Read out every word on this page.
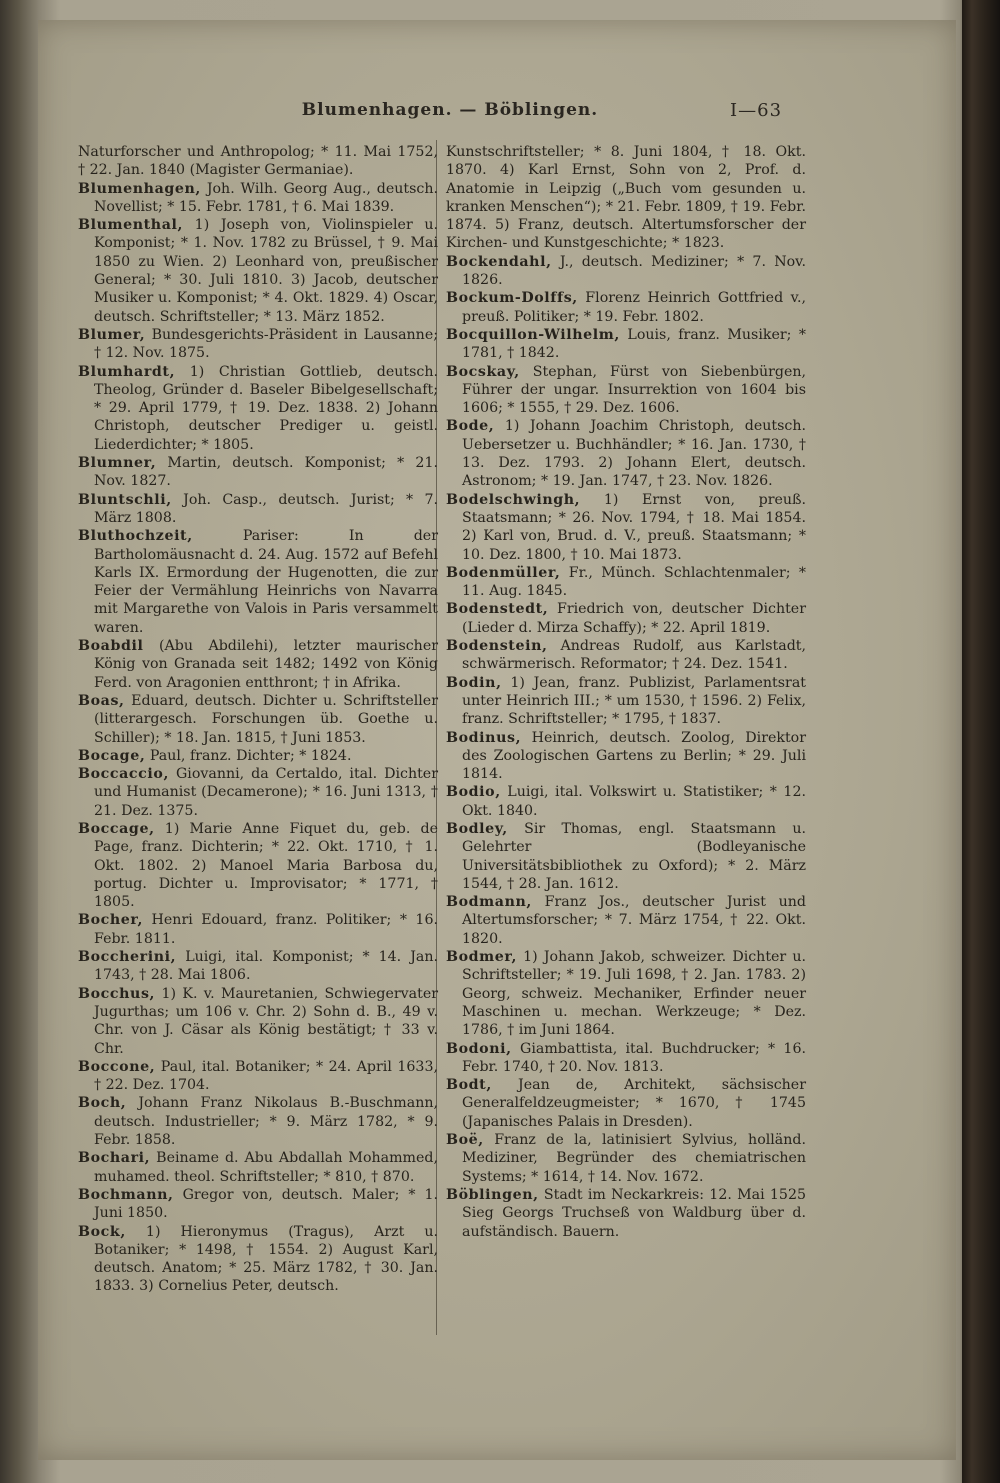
Blumenhagen. — Böblingen.	I—63

Naturforscher und Anthropolog; * 11. Mai 1752, † 22. Jan. 1840 (Magister Germaniae).

Blumenhagen, Joh. Wilh. Georg Aug., deutsch. Novellist; * 15. Febr. 1781, † 6. Mai 1839.

Blumenthal, 1) Joseph von, Violinspieler u. Komponist; * 1. Nov. 1782 zu Brüssel, † 9. Mai 1850 zu Wien. 2) Leonhard von, preußischer General; * 30. Juli 1810. 3) Jacob, deutscher Musiker u. Komponist; * 4. Okt. 1829. 4) Oscar, deutsch. Schriftsteller; * 13. März 1852.

Blumer, Bundesgerichts-Präsident in Lausanne; † 12. Nov. 1875.

Blumhardt, 1) Christian Gottlieb, deutsch. Theolog, Gründer d. Baseler Bibelgesellschaft; * 29. April 1779, † 19. Dez. 1838. 2) Johann Christoph, deutscher Prediger u. geistl. Liederdichter; * 1805.

Blumner, Martin, deutsch. Komponist; * 21. Nov. 1827.

Bluntschli, Joh. Casp., deutsch. Jurist; * 7. März 1808.

Bluthochzeit, Pariser: In der Bartholomäusnacht d. 24. Aug. 1572 auf Befehl Karls IX. Ermordung der Hugenotten, die zur Feier der Vermählung Heinrichs von Navarra mit Margarethe von Valois in Paris versammelt waren.

Boabdil (Abu Abdilehi), letzter maurischer König von Granada seit 1482; 1492 von König Ferd. von Aragonien entthront; † in Afrika.

Boas, Eduard, deutsch. Dichter u. Schriftsteller (litterargesch. Forschungen üb. Goethe u. Schiller); * 18. Jan. 1815, † Juni 1853.

Bocage, Paul, franz. Dichter; * 1824.

Boccaccio, Giovanni, da Certaldo, ital. Dichter und Humanist (Decamerone); * 16. Juni 1313, † 21. Dez. 1375.

Boccage, 1) Marie Anne Fiquet du, geb. de Page, franz. Dichterin; * 22. Okt. 1710, † 1. Okt. 1802. 2) Manoel Maria Barbosa du, portug. Dichter u. Improvisator; * 1771, † 1805.

Bocher, Henri Edouard, franz. Politiker; * 16. Febr. 1811.

Boccherini, Luigi, ital. Komponist; * 14. Jan. 1743, † 28. Mai 1806.

Bocchus, 1) K. v. Mauretanien, Schwiegervater Jugurthas; um 106 v. Chr. 2) Sohn d. B., 49 v. Chr. von J. Cäsar als König bestätigt; † 33 v. Chr.

Boccone, Paul, ital. Botaniker; * 24. April 1633, † 22. Dez. 1704.

Boch, Johann Franz Nikolaus B.-Buschmann, deutsch. Industrieller; * 9. März 1782, * 9. Febr. 1858.

Bochari, Beiname d. Abu Abdallah Mohammed, muhamed. theol. Schriftsteller; * 810, † 870.

Bochmann, Gregor von, deutsch. Maler; * 1. Juni 1850.

Bock, 1) Hieronymus (Tragus), Arzt u. Botaniker; * 1498, † 1554. 2) August Karl, deutsch. Anatom; * 25. März 1782, † 30. Jan. 1833. 3) Cornelius Peter, deutsch.

Kunstschriftsteller; * 8. Juni 1804, † 18. Okt. 1870. 4) Karl Ernst, Sohn von 2, Prof. d. Anatomie in Leipzig („Buch vom gesunden u. kranken Menschen“); * 21. Febr. 1809, † 19. Febr. 1874. 5) Franz, deutsch. Altertumsforscher der Kirchen- und Kunstgeschichte; * 1823.

Bockendahl, J., deutsch. Mediziner; * 7. Nov. 1826.

Bockum-Dolffs, Florenz Heinrich Gottfried v., preuß. Politiker; * 19. Febr. 1802.

Bocquillon-Wilhelm, Louis, franz. Musiker; * 1781, † 1842.

Bocskay, Stephan, Fürst von Siebenbürgen, Führer der ungar. Insurrektion von 1604 bis 1606; * 1555, † 29. Dez. 1606.

Bode, 1) Johann Joachim Christoph, deutsch. Uebersetzer u. Buchhändler; * 16. Jan. 1730, † 13. Dez. 1793. 2) Johann Elert, deutsch. Astronom; * 19. Jan. 1747, † 23. Nov. 1826.

Bodelschwingh, 1) Ernst von, preuß. Staatsmann; * 26. Nov. 1794, † 18. Mai 1854. 2) Karl von, Brud. d. V., preuß. Staatsmann; * 10. Dez. 1800, † 10. Mai 1873.

Bodenmüller, Fr., Münch. Schlachtenmaler; * 11. Aug. 1845.

Bodenstedt, Friedrich von, deutscher Dichter (Lieder d. Mirza Schaffy); * 22. April 1819.

Bodenstein, Andreas Rudolf, aus Karlstadt, schwärmerisch. Reformator; † 24. Dez. 1541.

Bodin, 1) Jean, franz. Publizist, Parlamentsrat unter Heinrich III.; * um 1530, † 1596. 2) Felix, franz. Schriftsteller; * 1795, † 1837.

Bodinus, Heinrich, deutsch. Zoolog, Direktor des Zoologischen Gartens zu Berlin; * 29. Juli 1814.

Bodio, Luigi, ital. Volkswirt u. Statistiker; * 12. Okt. 1840.

Bodley, Sir Thomas, engl. Staatsmann u. Gelehrter (Bodleyanische Universitätsbibliothek zu Oxford); * 2. März 1544, † 28. Jan. 1612.

Bodmann, Franz Jos., deutscher Jurist und Altertumsforscher; * 7. März 1754, † 22. Okt. 1820.

Bodmer, 1) Johann Jakob, schweizer. Dichter u. Schriftsteller; * 19. Juli 1698, † 2. Jan. 1783. 2) Georg, schweiz. Mechaniker, Erfinder neuer Maschinen u. mechan. Werkzeuge; * Dez. 1786, † im Juni 1864.

Bodoni, Giambattista, ital. Buchdrucker; * 16. Febr. 1740, † 20. Nov. 1813.

Bodt, Jean de, Architekt, sächsischer Generalfeldzeugmeister; * 1670, † 1745 (Japanisches Palais in Dresden).

Boë, Franz de la, latinisiert Sylvius, holländ. Mediziner, Begründer des chemiatrischen Systems; * 1614, † 14. Nov. 1672.

Böblingen, Stadt im Neckarkreis: 12. Mai 1525 Sieg Georgs Truchseß von Waldburg über d. aufständisch. Bauern.
